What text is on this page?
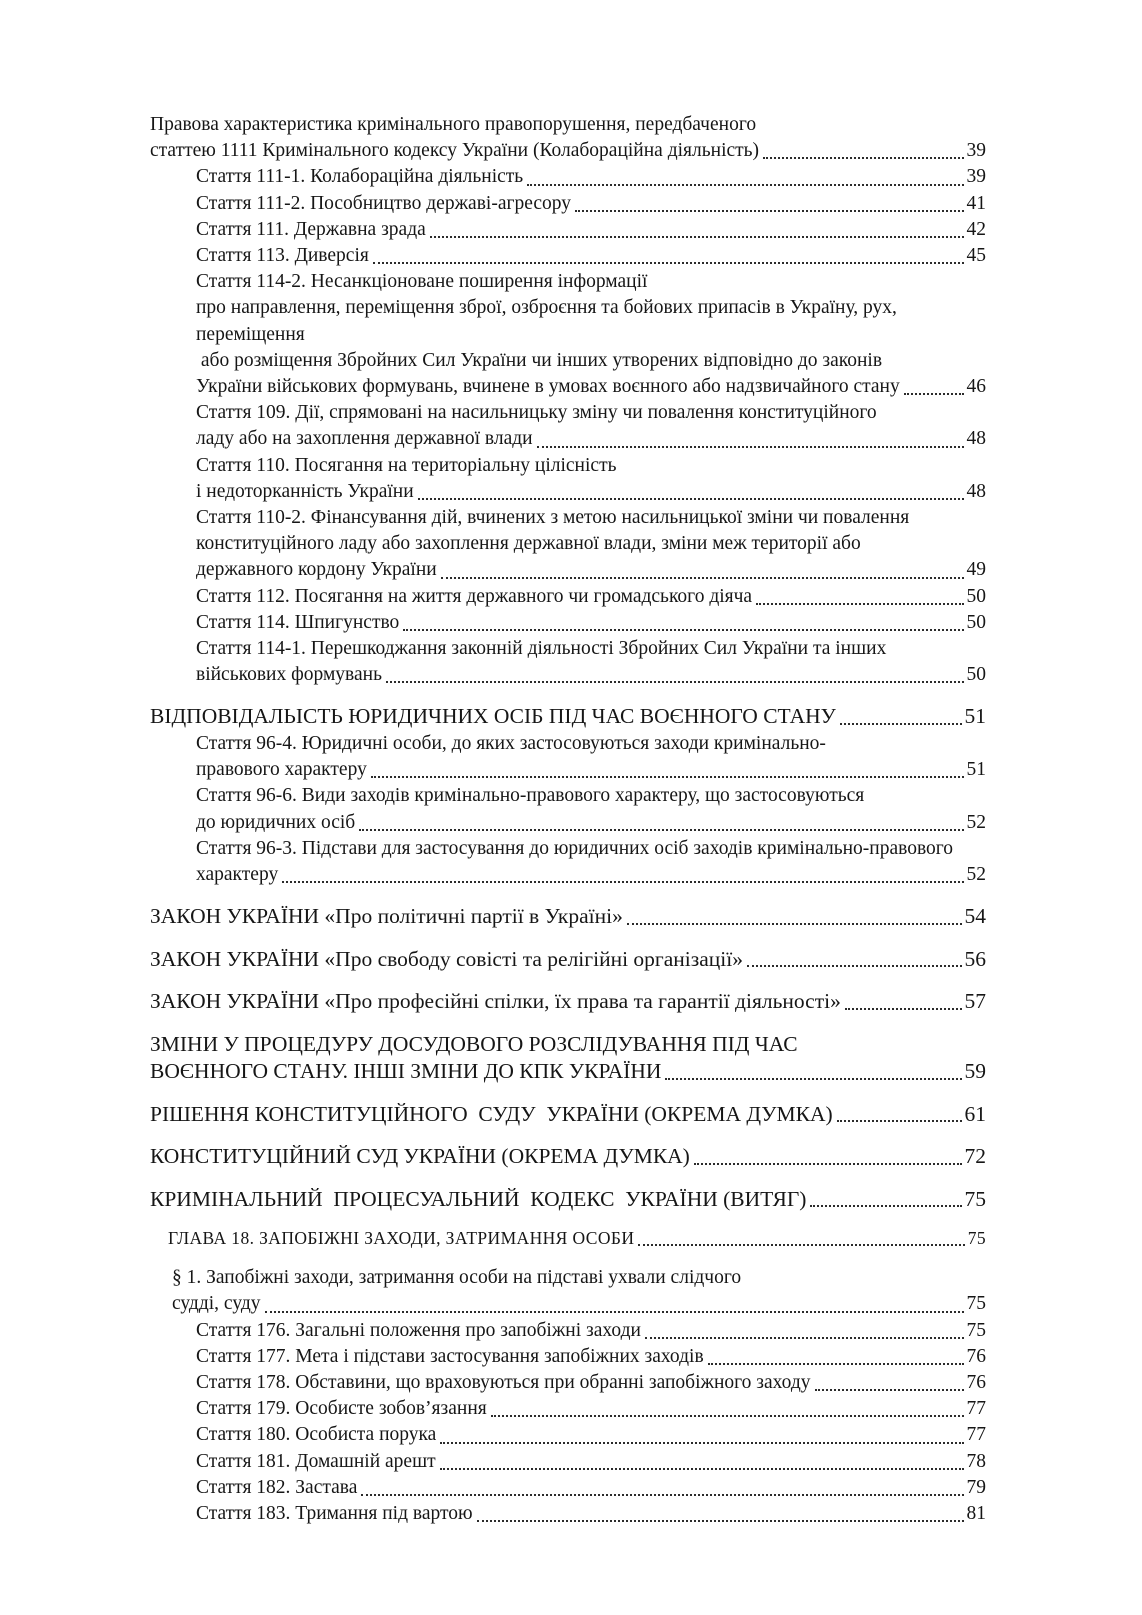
Правова характеристика кримінального правопорушення, передбаченого
статтею 1111 Кримінального кодексу України (Колабораційна діяльність)	39
Стаття 111-1. Колабораційна діяльність	39
Стаття 111-2. Пособництво державі-агресору	41
Стаття 111. Державна зрада	42
Стаття 113. Диверсія	45
Стаття 114-2. Несанкціоноване поширення інформації
про направлення, переміщення зброї, озброєння та бойових припасів в Україну, рух,
переміщення
або розміщення Збройних Сил України чи інших утворених відповідно до законів
України військових формувань, вчинене в умовах воєнного або надзвичайного стану	46
Стаття 109. Дії, спрямовані на насильницьку зміну чи повалення конституційного
ладу або на захоплення державної влади	48
Стаття 110. Посягання на територіальну цілісність
і недоторканність України	48
Стаття 110-2. Фінансування дій, вчинених з метою насильницької зміни чи повалення
конституційного ладу або захоплення державної влади, зміни меж території або
державного кордону України	49
Стаття 112. Посягання на життя державного чи громадського діяча	50
Стаття 114. Шпигунство	50
Стаття 114-1. Перешкоджання законній діяльності Збройних Сил України та інших
військових формувань	50
ВІДПОВІДАЛЬІСТЬ ЮРИДИЧНИХ ОСІБ ПІД ЧАС ВОЄННОГО СТАНУ	51
Стаття 96-4. Юридичні особи, до яких застосовуються заходи кримінально-
правового характеру	51
Стаття 96-6. Види заходів кримінально-правового характеру, що застосовуються
до юридичних осіб	52
Стаття 96-3. Підстави для застосування до юридичних осіб заходів кримінально-правового
характеру	52
ЗАКОН УКРАЇНИ «Про політичні партії в Україні»	54
ЗАКОН УКРАЇНИ «Про свободу совісті та релігійні організації»	56
ЗАКОН УКРАЇНИ «Про професійні спілки, їх права та гарантії діяльності»	57
ЗМІНИ У ПРОЦЕДУРУ ДОСУДОВОГО РОЗСЛІДУВАННЯ ПІД ЧАС
ВОЄННОГО СТАНУ. ІНШІ ЗМІНИ ДО КПК УКРАЇНИ	59
РІШЕННЯ КОНСТИТУЦІЙНОГО  СУДУ  УКРАЇНИ (ОКРЕМА ДУМКА)	61
КОНСТИТУЦІЙНИЙ СУД УКРАЇНИ (ОКРЕМА ДУМКА)	72
КРИМІНАЛЬНИЙ  ПРОЦЕСУАЛЬНИЙ  КОДЕКС  УКРАЇНИ (ВИТЯГ)	75
ГЛАВА 18. ЗАПОБІЖНІ ЗАХОДИ, ЗАТРИМАННЯ ОСОБИ	75
§ 1. Запобіжні заходи, затримання особи на підставі ухвали слідчого
судді, суду	75
Стаття 176. Загальні положення про запобіжні заходи	75
Стаття 177. Мета і підстави застосування запобіжних заходів	76
Стаття 178. Обставини, що враховуються при обранні запобіжного заходу	76
Стаття 179. Особисте зобов’язання	77
Стаття 180. Особиста порука	77
Стаття 181. Домашній арешт	78
Стаття 182. Застава	79
Стаття 183. Тримання під вартою	81
